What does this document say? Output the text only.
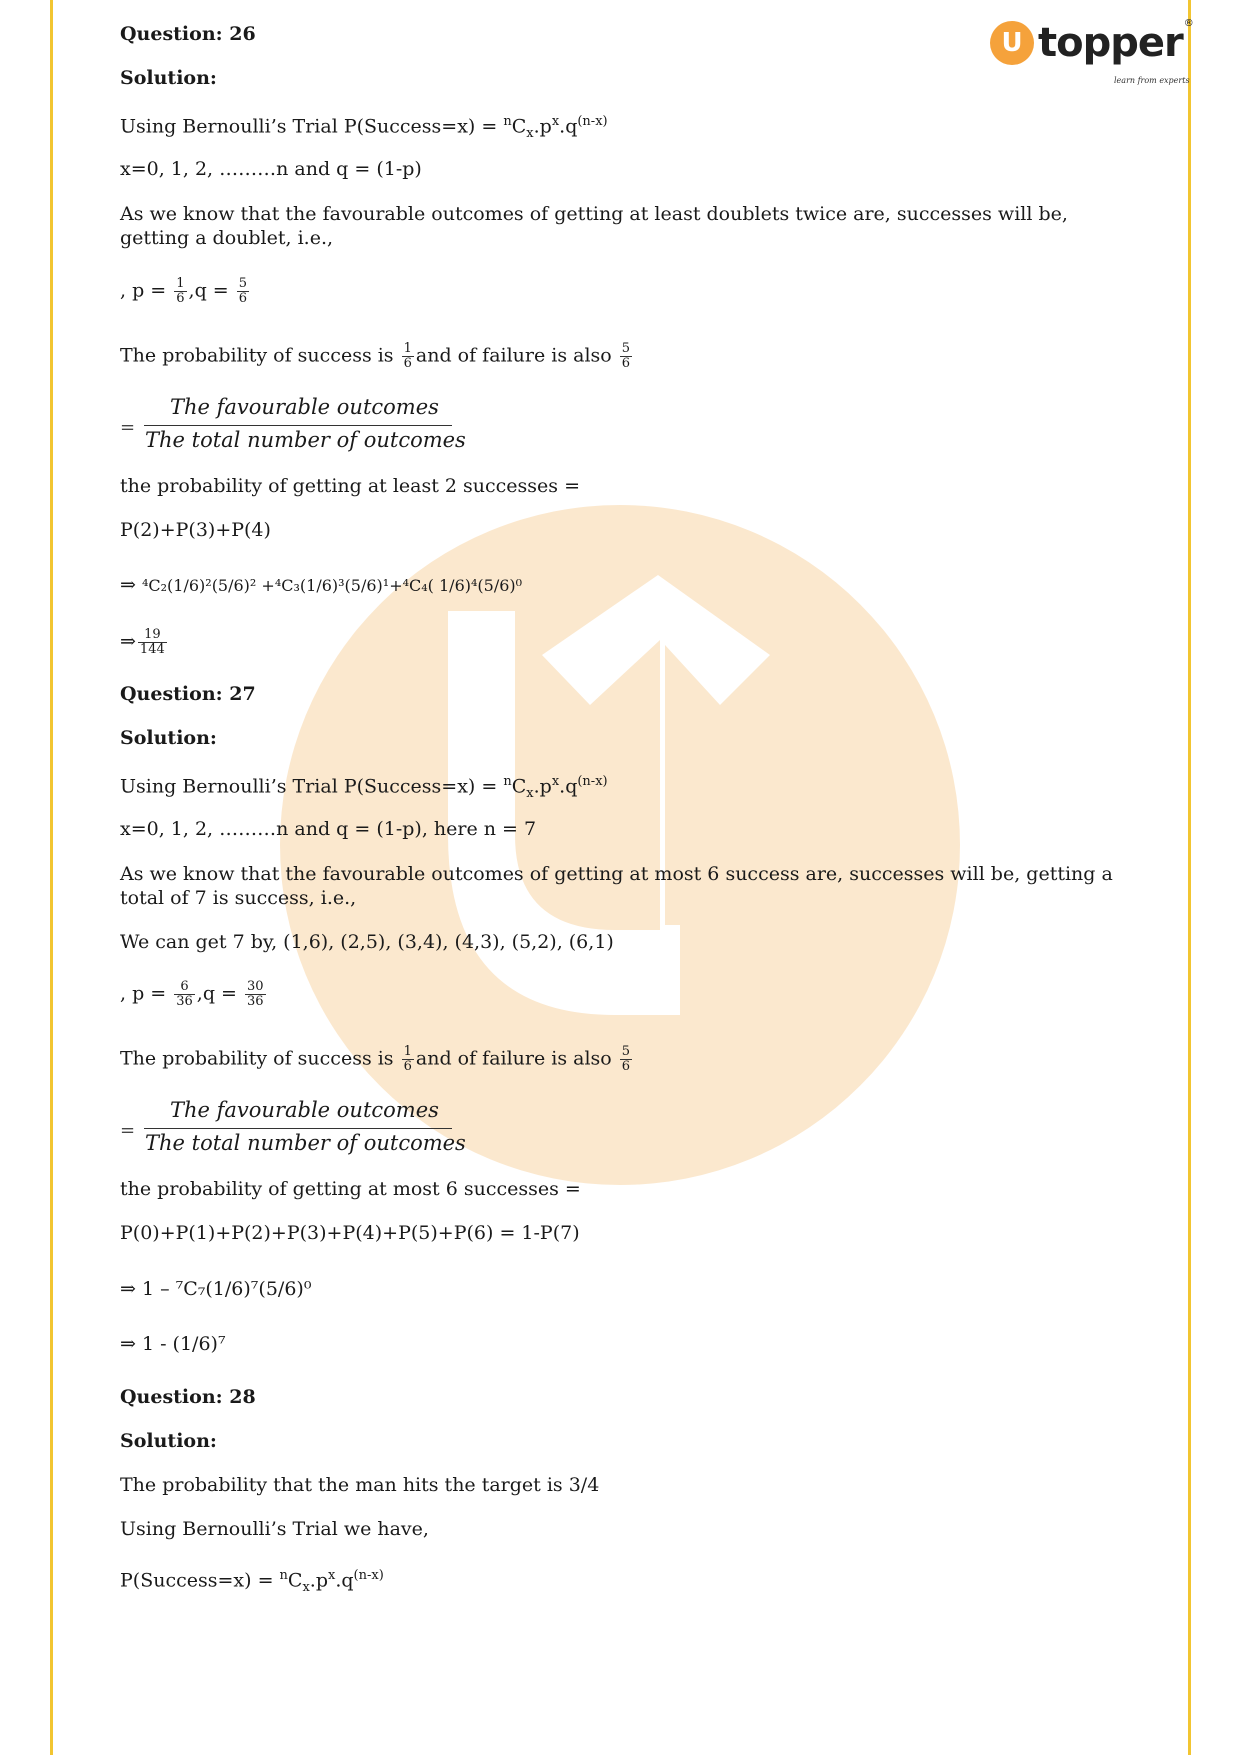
U topper ®
learn from experts
Question: 26
Solution:
Using Bernoulli’s Trial P(Success=x) = $^nC_x.p^x.q^{(n-x)}$
x=0, 1, 2, ………n and q = (1-p)
As we know that the favourable outcomes of getting at least doublets twice are, successes will be, getting a doublet, i.e.,
, $p = \frac{1}{6} ,q = \frac{5}{6}$
The probability of success is $\frac{1}{6}$ and of failure is also $\frac{5}{6}$
=
The favourable outcomes
The total number of outcomes
the probability of getting at least 2 successes =
P(2)+P(3)+P(4)
⇒ ⁴C₂(1/6)²(5/6)² +⁴C₃(1/6)³(5/6)¹+⁴C₄( 1/6)⁴(5/6)⁰
⇒ $\frac{19}{144}$
Question: 27
Solution:
Using Bernoulli’s Trial P(Success=x) = $^nC_x.p^x.q^{(n-x)}$
x=0, 1, 2, ………n and q = (1-p), here n = 7
As we know that the favourable outcomes of getting at most 6 success are, successes will be, getting a total of 7 is success, i.e.,
We can get 7 by, (1,6), (2,5), (3,4), (4,3), (5,2), (6,1)
, $p = \frac{6}{36} ,q = \frac{30}{36}$
The probability of success is $\frac{1}{6}$ and of failure is also $\frac{5}{6}$
=
The favourable outcomes
The total number of outcomes
the probability of getting at most 6 successes =
P(0)+P(1)+P(2)+P(3)+P(4)+P(5)+P(6) = 1-P(7)
⇒ 1 – ⁷C₇(1/6)⁷(5/6)⁰
⇒ 1 - (1/6)⁷
Question: 28
Solution:
The probability that the man hits the target is 3/4
Using Bernoulli’s Trial we have,
P(Success=x) = $^nC_x.p^x.q^{(n-x)}$
